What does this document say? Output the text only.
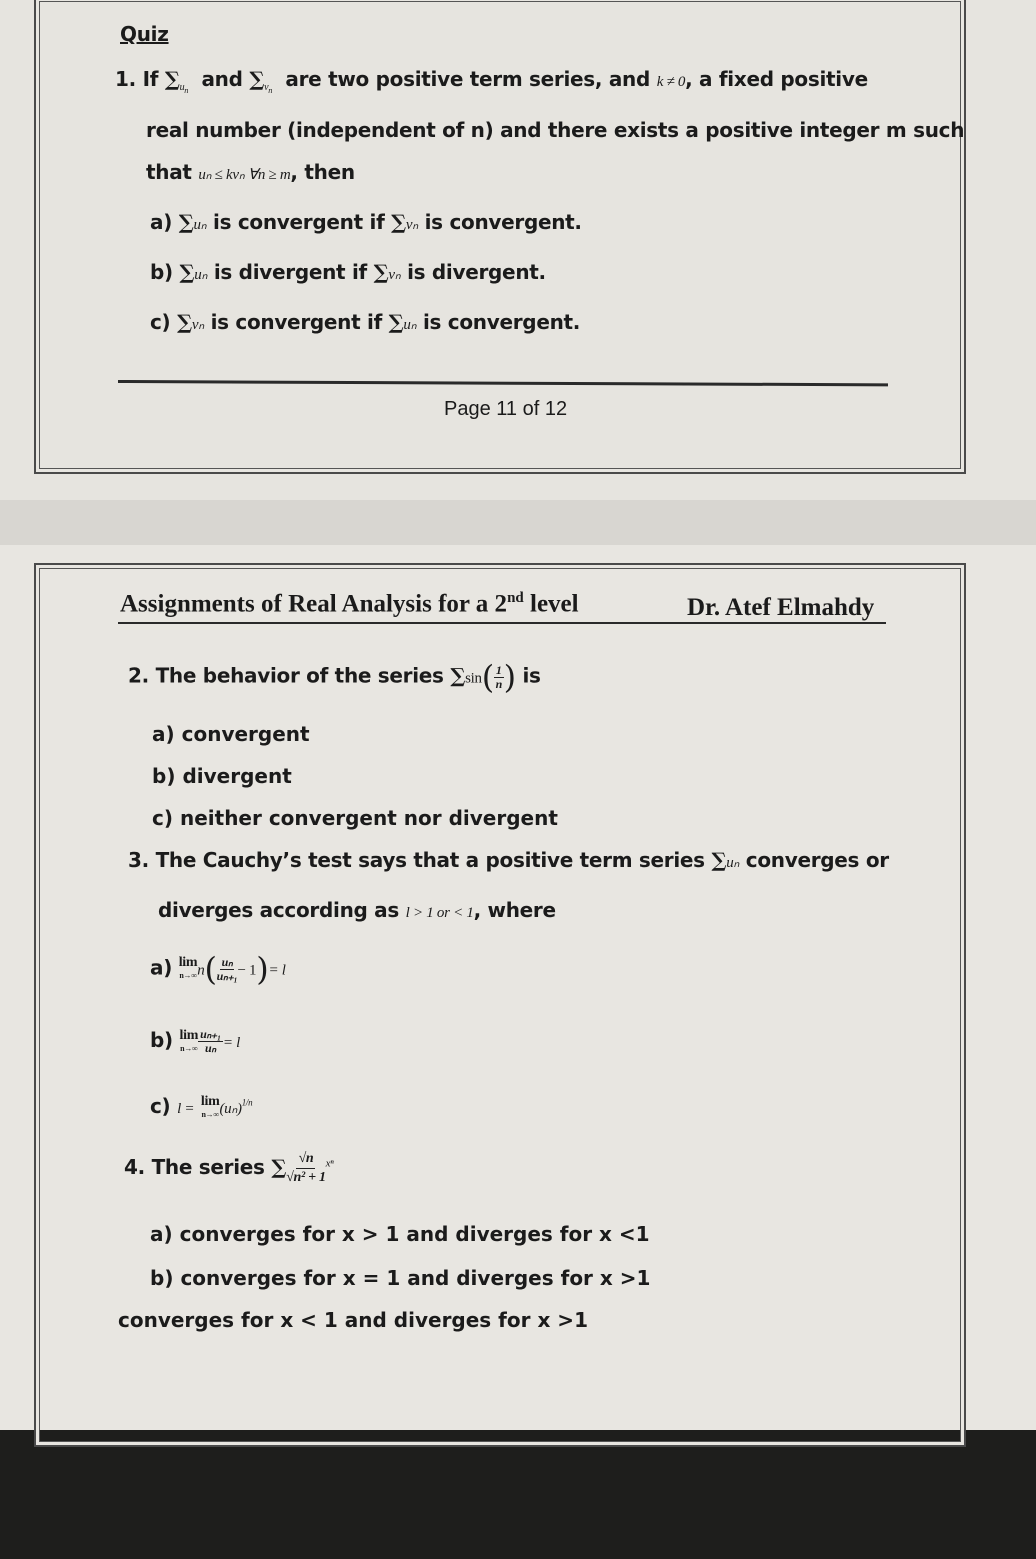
Quiz
1. If $\sum_{u_n}$ and $\sum_{v_n}$ are two positive term series, and k ≠ 0, a fixed positive
real number (independent of n) and there exists a positive integer m such
that uₙ ≤ kvₙ ∀n ≥ m, then
a) ∑uₙ is convergent if ∑vₙ is convergent.
b) ∑uₙ is divergent if ∑vₙ is divergent.
c) ∑vₙ is convergent if ∑uₙ is convergent.
Page 11 of 12
Assignments of Real Analysis for a 2nd level	Dr. Atef Elmahdy
2. The behavior of the series $\sum\sin( \frac{1}{n}$ ) is
a) convergent
b) divergent
c) neither convergent nor divergent
3. The Cauchy’s test says that a positive term series ∑uₙ converges or
diverges according as l > 1 or < 1, where
a) lim
n→∞ $n( \frac{\text{uₙ}}{\text{uₙ₊₁}} - 1)= l$
b) lim
$n\to\infty \frac{\text{uₙ₊₁}}{\text{uₙ}} = l$
c) l = lim
n→∞ $(u_n)^{1/n}$
4. The series ∑ $\frac{√n}{\text{√n² + 1}} ^{x^n}$
a) converges for x > 1 and diverges for x <1
b) converges for x = 1 and diverges for x >1
converges for x < 1 and diverges for x >1
